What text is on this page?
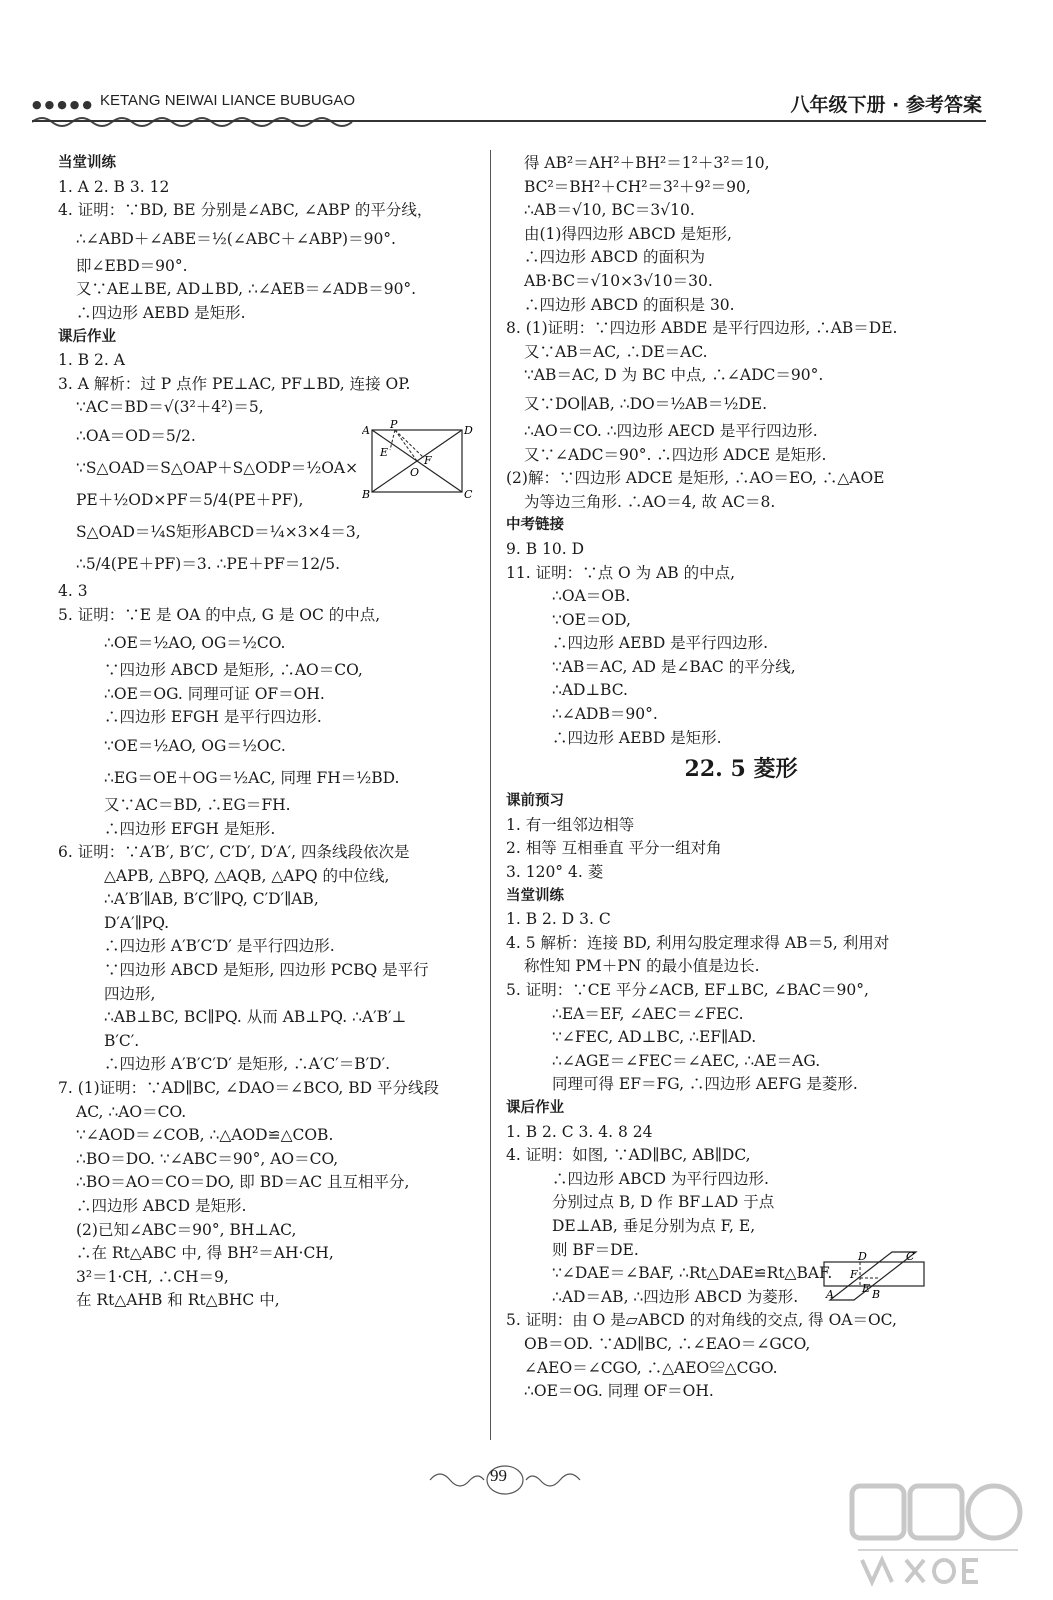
●●●●● KETANG NEIWAI LIANCE BUBUGAO	八年级下册 · 参考答案
当堂训练
1. A 2. B 3. 12
4. 证明：∵BD, BE 分别是∠ABC, ∠ABP 的平分线，
∴∠ABD＋∠ABE＝½(∠ABC＋∠ABP)＝90°.
即∠EBD＝90°.
又∵AE⊥BE, AD⊥BD, ∴∠AEB＝∠ADB＝90°.
∴四边形 AEBD 是矩形.
课后作业
1. B 2. A
3. A 解析：过 P 点作 PE⊥AC, PF⊥BD, 连接 OP.
∵AC＝BD＝√(3²＋4²)＝5,
∴OA＝OD＝5/2.
∵S△OAD＝S△OAP＋S△ODP＝½OA×
PE＋½OD×PF＝5/4(PE＋PF),
S△OAD＝¼S矩形ABCD＝¼×3×4＝3,
∴5/4(PE＋PF)＝3. ∴PE＋PF＝12/5.
4. 3
5. 证明：∵E 是 OA 的中点, G 是 OC 的中点,
∴OE＝½AO, OG＝½CO.
∵四边形 ABCD 是矩形, ∴AO＝CO,
∴OE＝OG. 同理可证 OF＝OH.
∴四边形 EFGH 是平行四边形.
∵OE＝½AO, OG＝½OC.
∴EG＝OE＋OG＝½AC, 同理 FH＝½BD.
又∵AC＝BD, ∴EG＝FH.
∴四边形 EFGH 是矩形.
6. 证明：∵A′B′, B′C′, C′D′, D′A′, 四条线段依次是
△APB, △BPQ, △AQB, △APQ 的中位线,
∴A′B′∥AB, B′C′∥PQ, C′D′∥AB,
D′A′∥PQ.
∴四边形 A′B′C′D′ 是平行四边形.
∵四边形 ABCD 是矩形, 四边形 PCBQ 是平行
四边形,
∴AB⊥BC, BC∥PQ. 从而 AB⊥PQ. ∴A′B′⊥
B′C′.
∴四边形 A′B′C′D′ 是矩形, ∴A′C′＝B′D′.
7. (1)证明：∵AD∥BC, ∠DAO＝∠BCO, BD 平分线段
AC, ∴AO＝CO.
∵∠AOD＝∠COB, ∴△AOD≌△COB.
∴BO＝DO. ∵∠ABC＝90°, AO＝CO,
∴BO＝AO＝CO＝DO, 即 BD＝AC 且互相平分,
∴四边形 ABCD 是矩形.
(2)已知∠ABC＝90°, BH⊥AC,
∴在 Rt△ABC 中, 得 BH²＝AH·CH,
3²＝1·CH, ∴CH＝9,
在 Rt△AHB 和 Rt△BHC 中,
得 AB²＝AH²＋BH²＝1²＋3²＝10,
BC²＝BH²＋CH²＝3²＋9²＝90,
∴AB＝√10, BC＝3√10.
由(1)得四边形 ABCD 是矩形,
∴四边形 ABCD 的面积为
AB·BC＝√10×3√10＝30.
∴四边形 ABCD 的面积是 30.
8. (1)证明：∵四边形 ABDE 是平行四边形, ∴AB＝DE.
又∵AB＝AC, ∴DE＝AC.
∵AB＝AC, D 为 BC 中点, ∴∠ADC＝90°.
又∵DO∥AB, ∴DO＝½AB＝½DE.
∴AO＝CO. ∴四边形 AECD 是平行四边形.
又∵∠ADC＝90°. ∴四边形 ADCE 是矩形.
(2)解：∵四边形 ADCE 是矩形, ∴AO＝EO, ∴△AOE
为等边三角形. ∴AO＝4, 故 AC＝8.
中考链接
9. B 10. D
11. 证明：∵点 O 为 AB 的中点,
∴OA＝OB.
∵OE＝OD,
∴四边形 AEBD 是平行四边形.
∵AB＝AC, AD 是∠BAC 的平分线,
∴AD⊥BC.
∴∠ADB＝90°.
∴四边形 AEBD 是矩形.
22. 5 菱形
课前预习
1. 有一组邻边相等
2. 相等 互相垂直 平分一组对角
3. 120° 4. 菱
当堂训练
1. B 2. D 3. C
4. 5 解析：连接 BD, 利用勾股定理求得 AB＝5, 利用对
称性知 PM＋PN 的最小值是边长.
5. 证明：∵CE 平分∠ACB, EF⊥BC, ∠BAC＝90°,
∴EA＝EF, ∠AEC＝∠FEC.
∵∠FEC, AD⊥BC, ∴EF∥AD.
∴∠AGE＝∠FEC＝∠AEC, ∴AE＝AG.
同理可得 EF＝FG, ∴四边形 AEFG 是菱形.
课后作业
1. B 2. C 3. 4. 8 24
4. 证明：如图, ∵AD∥BC, AB∥DC,
∴四边形 ABCD 为平行四边形.
分别过点 B, D 作 BF⊥AD 于点
DE⊥AB, 垂足分别为点 F, E,
则 BF＝DE.
∵∠DAE＝∠BAF, ∴Rt△DAE≌Rt△BAF.
∴AD＝AB, ∴四边形 ABCD 为菱形.
5. 证明：由 O 是▱ABCD 的对角线的交点, 得 OA＝OC,
OB＝OD. ∵AD∥BC, ∴∠EAO＝∠GCO,
∠AEO＝∠CGO, ∴△AEO≌△CGO.
∴OE＝OG. 同理 OF＝OH.
A	D
B	C
P
E
F
O
D	C
F
E
A	B
99
